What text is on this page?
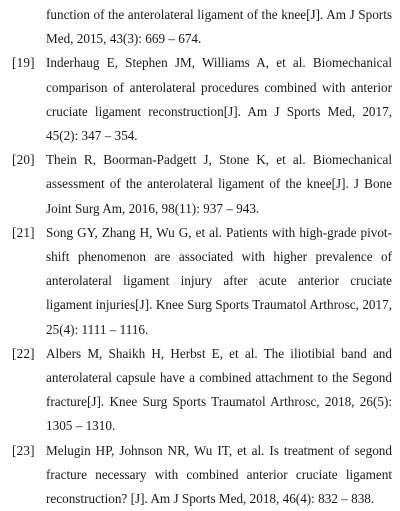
function of the anterolateral ligament of the knee[J]. Am J Sports Med, 2015, 43(3): 669 – 674.

[19] Inderhaug E, Stephen JM, Williams A, et al. Biomechanical comparison of anterolateral procedures combined with anterior cruciate ligament reconstruction[J]. Am J Sports Med, 2017, 45(2): 347 – 354.

[20] Thein R, Boorman-Padgett J, Stone K, et al. Biomechanical assessment of the anterolateral ligament of the knee[J]. J Bone Joint Surg Am, 2016, 98(11): 937 – 943.

[21] Song GY, Zhang H, Wu G, et al. Patients with high-grade pivot-shift phenomenon are associated with higher prevalence of anterolateral ligament injury after acute anterior cruciate ligament injuries[J]. Knee Surg Sports Traumatol Arthrosc, 2017, 25(4): 1111 – 1116.

[22] Albers M, Shaikh H, Herbst E, et al. The iliotibial band and anterolateral capsule have a combined attachment to the Segond fracture[J]. Knee Surg Sports Traumatol Arthrosc, 2018, 26(5): 1305 – 1310.

[23] Melugin HP, Johnson NR, Wu IT, et al. Is treatment of segond fracture necessary with combined anterior cruciate ligament reconstruction? [J]. Am J Sports Med, 2018, 46(4): 832 – 838.
